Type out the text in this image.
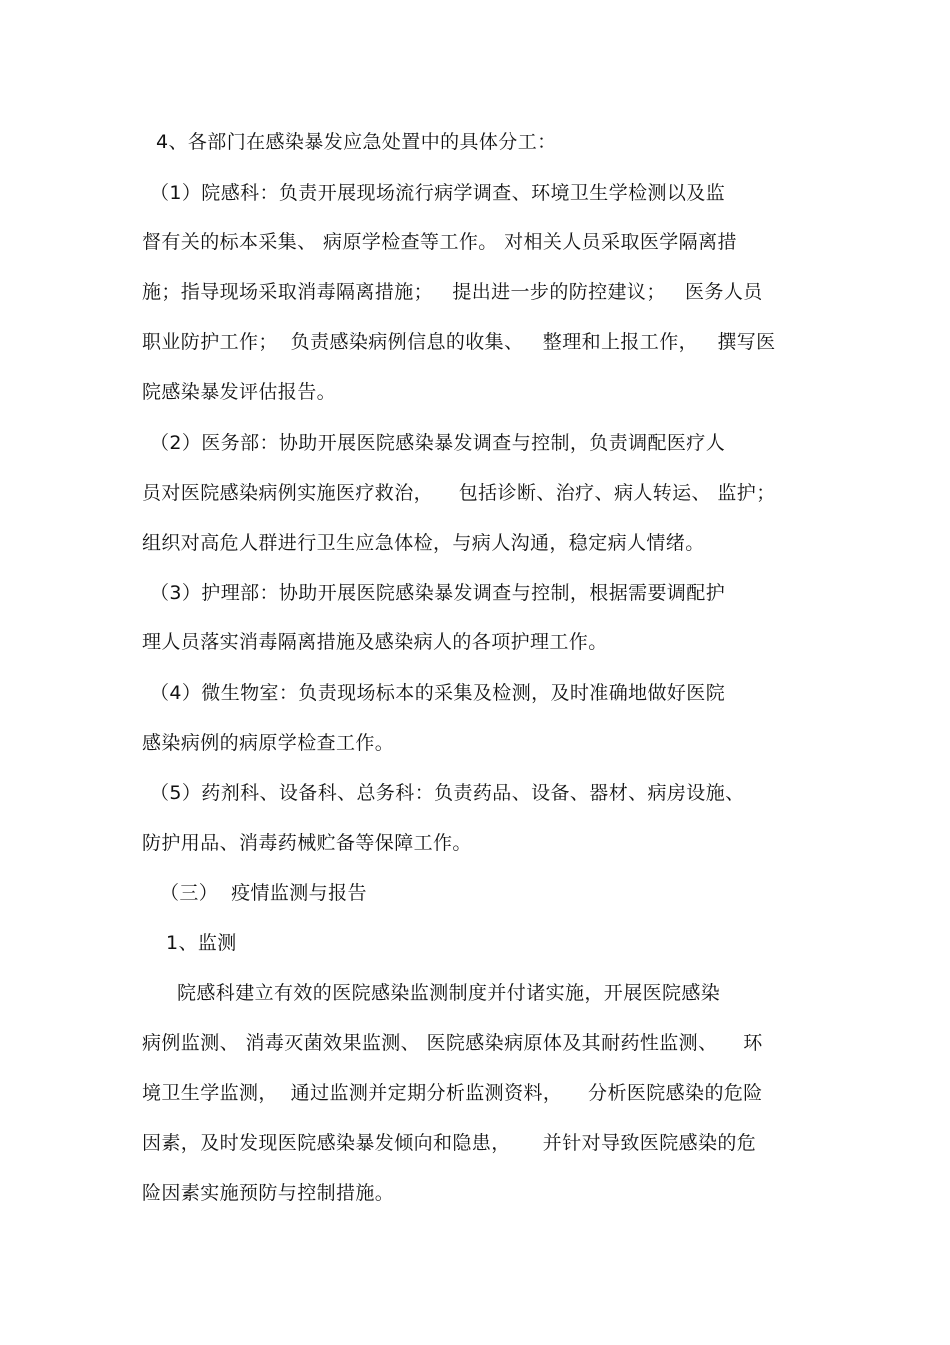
4、各部门在感染暴发应急处置中的具体分工：
（1）院感科：负责开展现场流行病学调查、环境卫生学检测以及监
督有关的标本采集、 病原学检查等工作。 对相关人员采取医学隔离措
施；指导现场采取消毒隔离措施；   提出进一步的防控建议；   医务人员
职业防护工作；  负责感染病例信息的收集、   整理和上报工作，   撰写医
院感染暴发评估报告。
（2）医务部：协助开展医院感染暴发调查与控制，负责调配医疗人
员对医院感染病例实施医疗救治，    包括诊断、治疗、病人转运、 监护；
组织对高危人群进行卫生应急体检，与病人沟通，稳定病人情绪。
（3）护理部：协助开展医院感染暴发调查与控制，根据需要调配护
理人员落实消毒隔离措施及感染病人的各项护理工作。
（4）微生物室：负责现场标本的采集及检测，及时准确地做好医院
感染病例的病原学检查工作。
（5）药剂科、设备科、总务科：负责药品、设备、器材、病房设施、
防护用品、消毒药械贮备等保障工作。
（三）  疫情监测与报告
1、监测
院感科建立有效的医院感染监测制度并付诸实施，开展医院感染
病例监测、 消毒灭菌效果监测、 医院感染病原体及其耐药性监测、    环
境卫生学监测，  通过监测并定期分析监测资料，    分析医院感染的危险
因素，及时发现医院感染暴发倾向和隐患，     并针对导致医院感染的危
险因素实施预防与控制措施。
